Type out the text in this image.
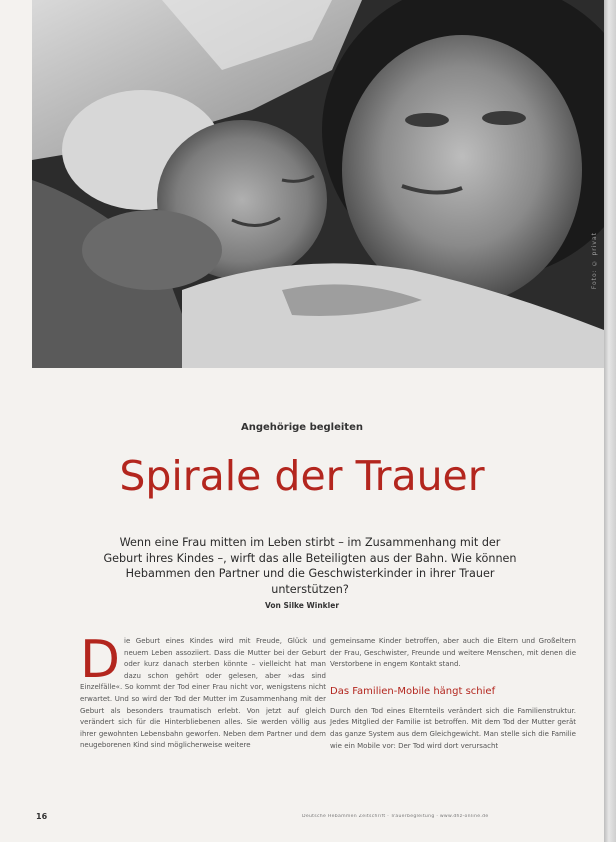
Foto: © privat
Angehörige begleiten
Spirale der Trauer
Wenn eine Frau mitten im Leben stirbt – im Zusammenhang mit der Geburt ihres Kindes –, wirft das alle Beteiligten aus der Bahn. Wie können Hebammen den Partner und die Geschwisterkinder in ihrer Trauer unterstützen?
Von Silke Winkler
D ie Geburt eines Kindes wird mit Freude, Glück und neuem Leben assoziiert. Dass die Mutter bei der Geburt oder kurz danach sterben könnte – vielleicht hat man dazu schon gehört oder gelesen, aber »das sind Einzelfälle«. So kommt der Tod einer Frau nicht vor, wenigstens nicht erwartet. Und so wird der Tod der Mutter im Zusammenhang mit der Geburt als besonders traumatisch erlebt. Von jetzt auf gleich verändert sich für die Hinterbliebenen alles. Sie werden völlig aus ihrer gewohnten Lebensbahn geworfen. Neben dem Partner und dem neugeborenen Kind sind möglicherweise weitere

gemeinsame Kinder betroffen, aber auch die Eltern und Großeltern der Frau, Geschwister, Freunde und weitere Menschen, mit denen die Verstorbene in engem Kontakt stand.

Das Familien-Mobile hängt schief

Durch den Tod eines Elternteils verändert sich die Familienstruktur. Jedes Mitglied der Familie ist betroffen. Mit dem Tod der Mutter gerät das ganze System aus dem Gleichgewicht. Man stelle sich die Familie wie ein Mobile vor: Der Tod wird dort verursacht

16	Deutsche Hebammen Zeitschrift · Trauerbegleitung · www.dhz-online.de
